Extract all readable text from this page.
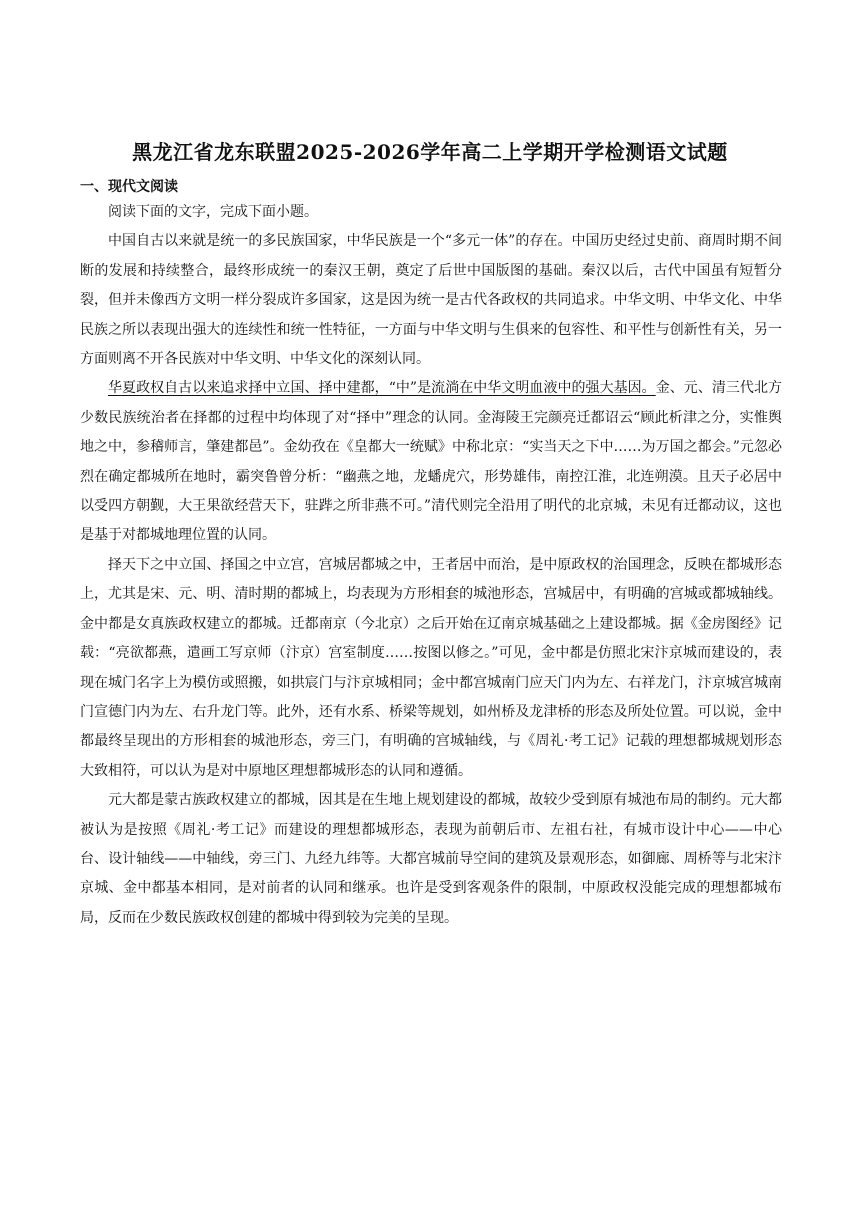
黑龙江省龙东联盟2025-2026学年高二上学期开学检测语文试题
一、现代文阅读

阅读下面的文字，完成下面小题。

中国自古以来就是统一的多民族国家，中华民族是一个“多元一体”的存在。中国历史经过史前、商周时期不间断的发展和持续整合，最终形成统一的秦汉王朝，奠定了后世中国版图的基础。秦汉以后，古代中国虽有短暂分裂，但并未像西方文明一样分裂成许多国家，这是因为统一是古代各政权的共同追求。中华文明、中华文化、中华民族之所以表现出强大的连续性和统一性特征，一方面与中华文明与生俱来的包容性、和平性与创新性有关，另一方面则离不开各民族对中华文明、中华文化的深刻认同。

华夏政权自古以来追求择中立国、择中建都，“中”是流淌在中华文明血液中的强大基因。金、元、清三代北方少数民族统治者在择都的过程中均体现了对“择中”理念的认同。金海陵王完颜亮迁都诏云“顾此析津之分，实惟舆地之中，参稽师言，肇建都邑”。金幼孜在《皇都大一统赋》中称北京：“实当天之下中……为万国之都会。”元忽必烈在确定都城所在地时，霸突鲁曾分析：“幽燕之地，龙蟠虎穴，形势雄伟，南控江淮，北连朔漠。且天子必居中以受四方朝觐，大王果欲经营天下，驻跸之所非燕不可。”清代则完全沿用了明代的北京城，未见有迁都动议，这也是基于对都城地理位置的认同。

择天下之中立国、择国之中立宫，宫城居都城之中，王者居中而治，是中原政权的治国理念，反映在都城形态上，尤其是宋、元、明、清时期的都城上，均表现为方形相套的城池形态，宫城居中，有明确的宫城或都城轴线。金中都是女真族政权建立的都城。迁都南京（今北京）之后开始在辽南京城基础之上建设都城。据《金房图经》记载：“亮欲都燕，遣画工写京师（汴京）宫室制度……按图以修之。”可见，金中都是仿照北宋汴京城而建设的，表现在城门名字上为模仿或照搬，如拱宸门与汴京城相同；金中都宫城南门应天门内为左、右祥龙门，汴京城宫城南门宣德门内为左、右升龙门等。此外，还有水系、桥梁等规划，如州桥及龙津桥的形态及所处位置。可以说，金中都最终呈现出的方形相套的城池形态，旁三门，有明确的宫城轴线，与《周礼·考工记》记载的理想都城规划形态大致相符，可以认为是对中原地区理想都城形态的认同和遵循。

元大都是蒙古族政权建立的都城，因其是在生地上规划建设的都城，故较少受到原有城池布局的制约。元大都被认为是按照《周礼·考工记》而建设的理想都城形态，表现为前朝后市、左祖右社，有城市设计中心——中心台、设计轴线——中轴线，旁三门、九经九纬等。大都宫城前导空间的建筑及景观形态，如御廊、周桥等与北宋汴京城、金中都基本相同，是对前者的认同和继承。也许是受到客观条件的限制，中原政权没能完成的理想都城布局，反而在少数民族政权创建的都城中得到较为完美的呈现。
